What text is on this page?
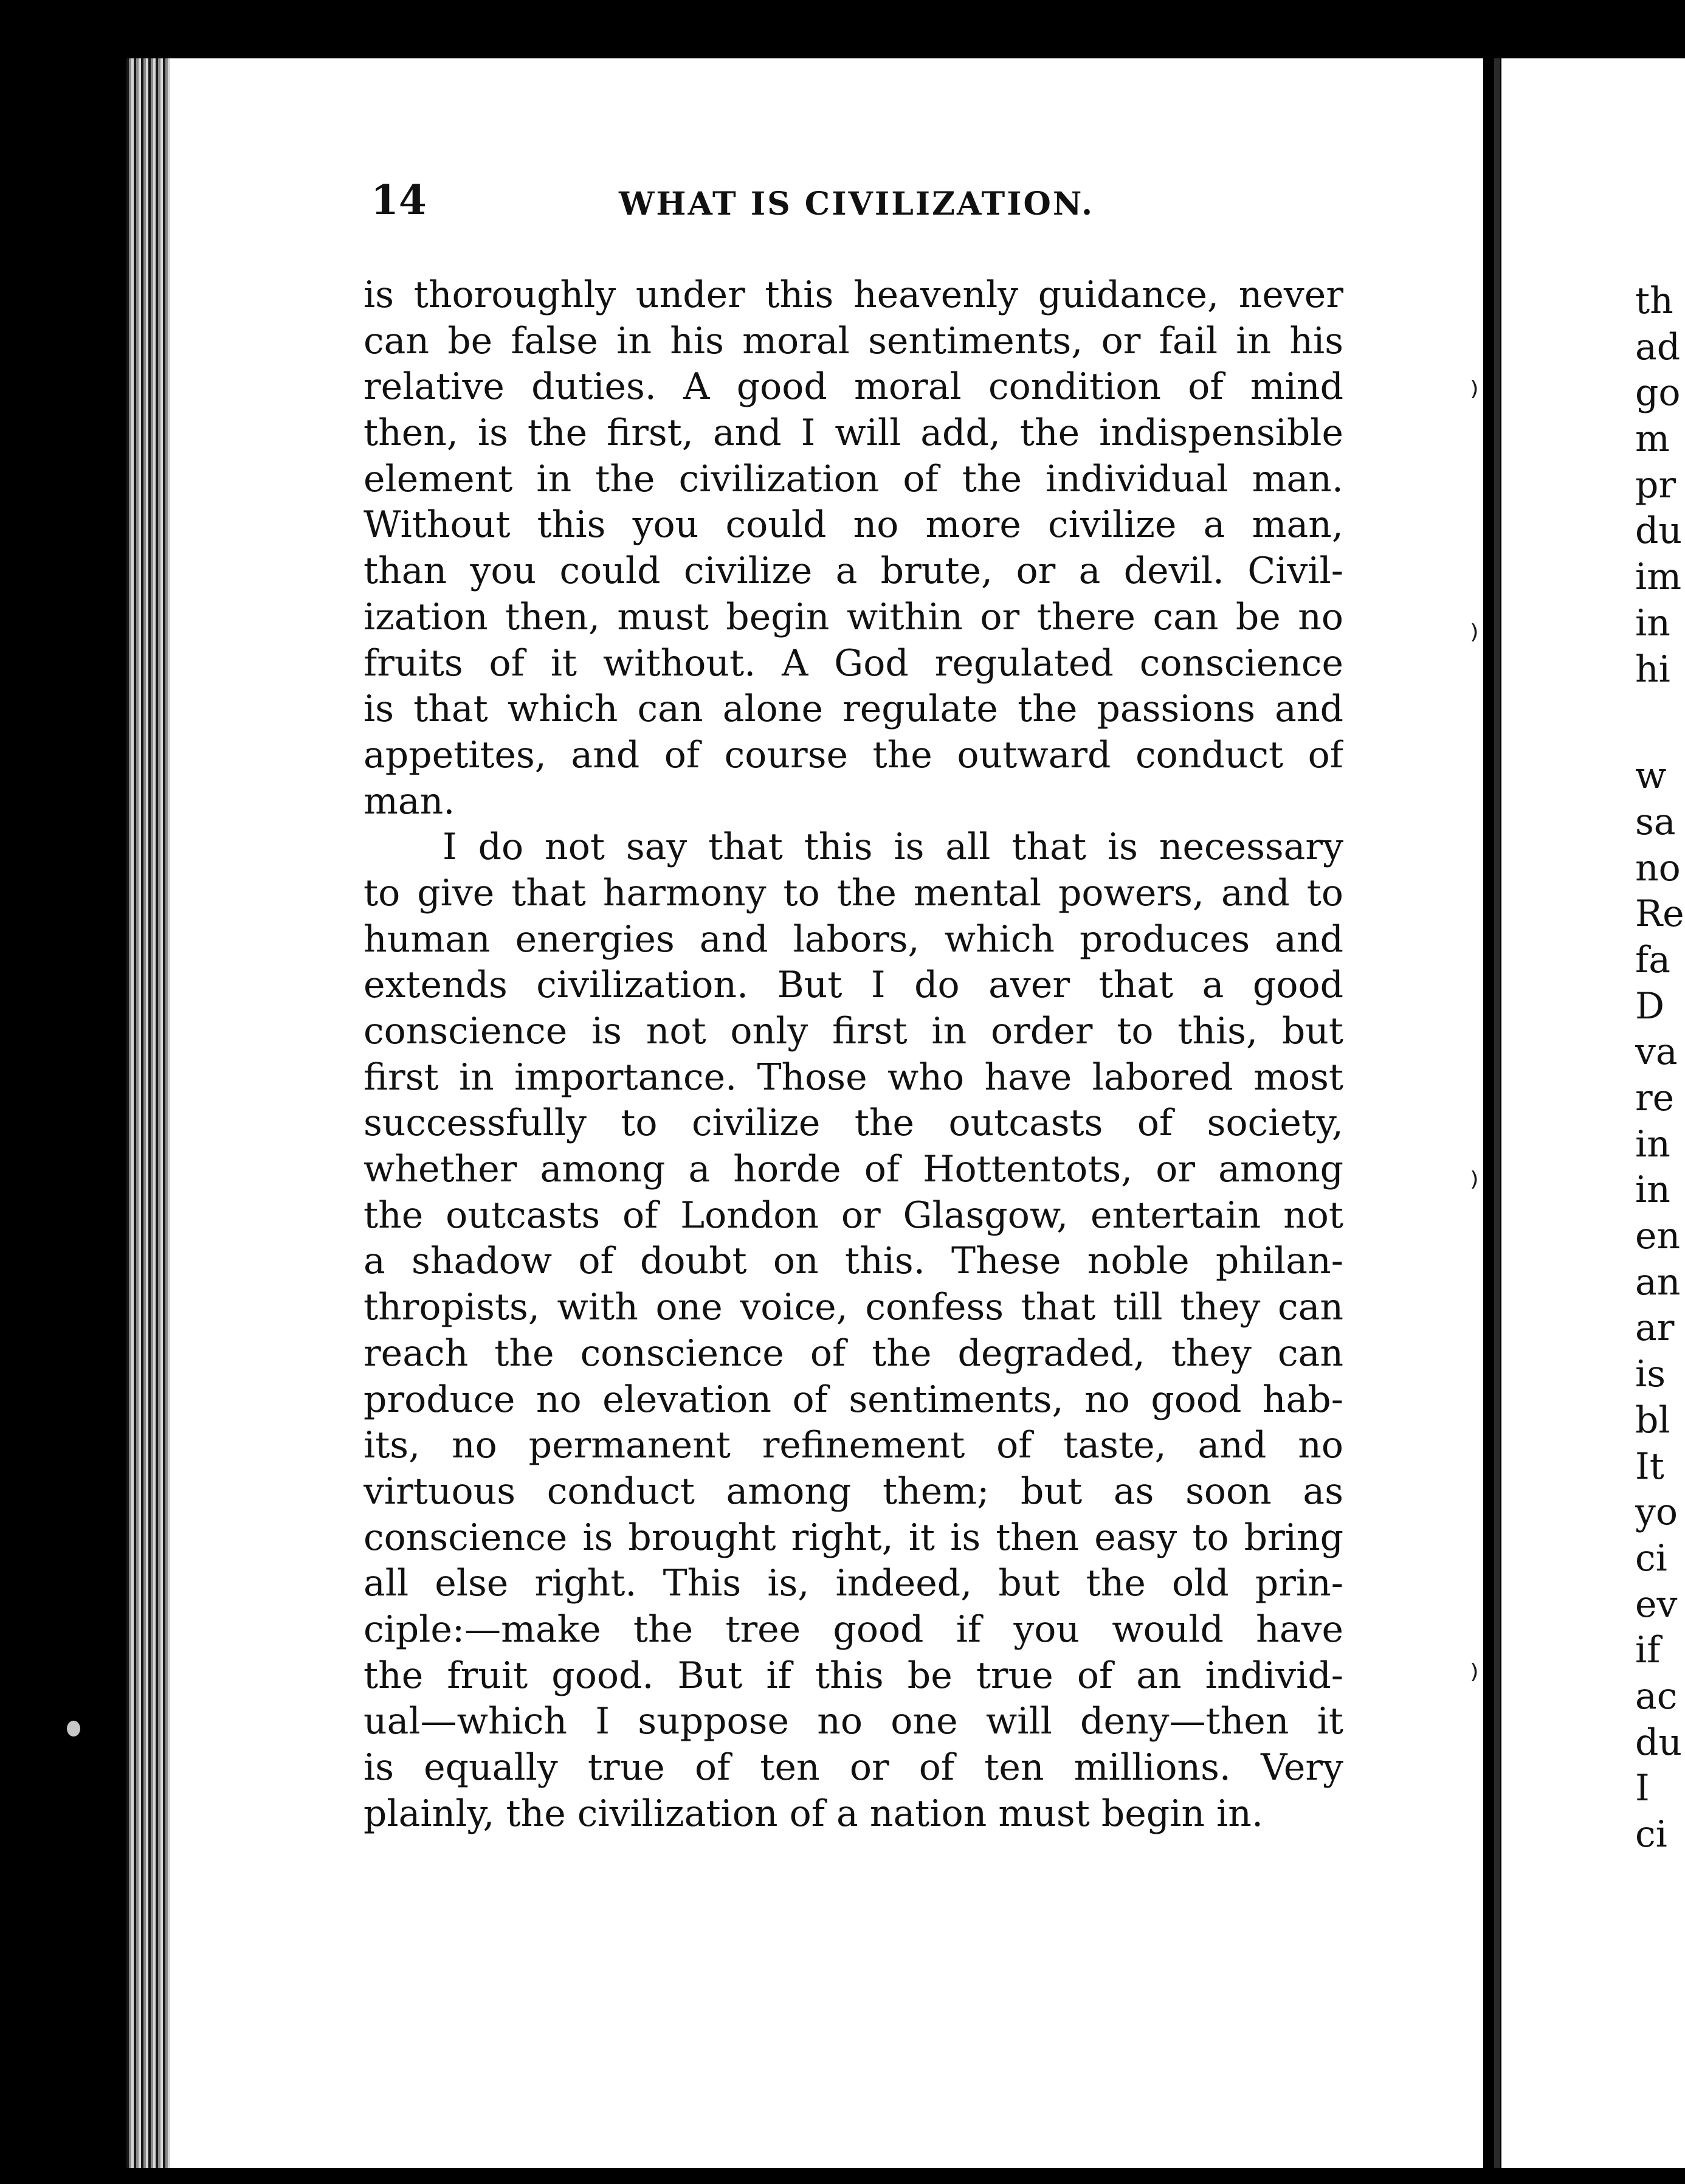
⁾
⁾
⁾
⁾
14	WHAT IS CIVILIZATION.
is thoroughly under this heavenly guidance, never
can be false in his moral sentiments, or fail in his
relative duties. A good moral condition of mind
then, is the first, and I will add, the indispensible
element in the civilization of the individual man.
Without this you could no more civilize a man,
than you could civilize a brute, or a devil. Civil-
ization then, must begin within or there can be no
fruits of it without. A God regulated conscience
is that which can alone regulate the passions and
appetites, and of course the outward conduct of
man.
I do not say that this is all that is necessary
to give that harmony to the mental powers, and to
human energies and labors, which produces and
extends civilization. But I do aver that a good
conscience is not only first in order to this, but
first in importance. Those who have labored most
successfully to civilize the outcasts of society,
whether among a horde of Hottentots, or among
the outcasts of London or Glasgow, entertain not
a shadow of doubt on this. These noble philan-
thropists, with one voice, confess that till they can
reach the conscience of the degraded, they can
produce no elevation of sentiments, no good hab-
its, no permanent refinement of taste, and no
virtuous conduct among them; but as soon as
conscience is brought right, it is then easy to bring
all else right. This is, indeed, but the old prin-
ciple:—make the tree good if you would have
the fruit good. But if this be true of an individ-
ual—which I suppose no one will deny—then it
is equally true of ten or of ten millions. Very
plainly, the civilization of a nation must begin in.
th
ad
go
m
pr
du
im
in
hi
w
sa
no
Re
fa
D
va
re
in
in
en
an
ar
is
bl
It
yo
ci
ev
if
ac
du
I
ci
